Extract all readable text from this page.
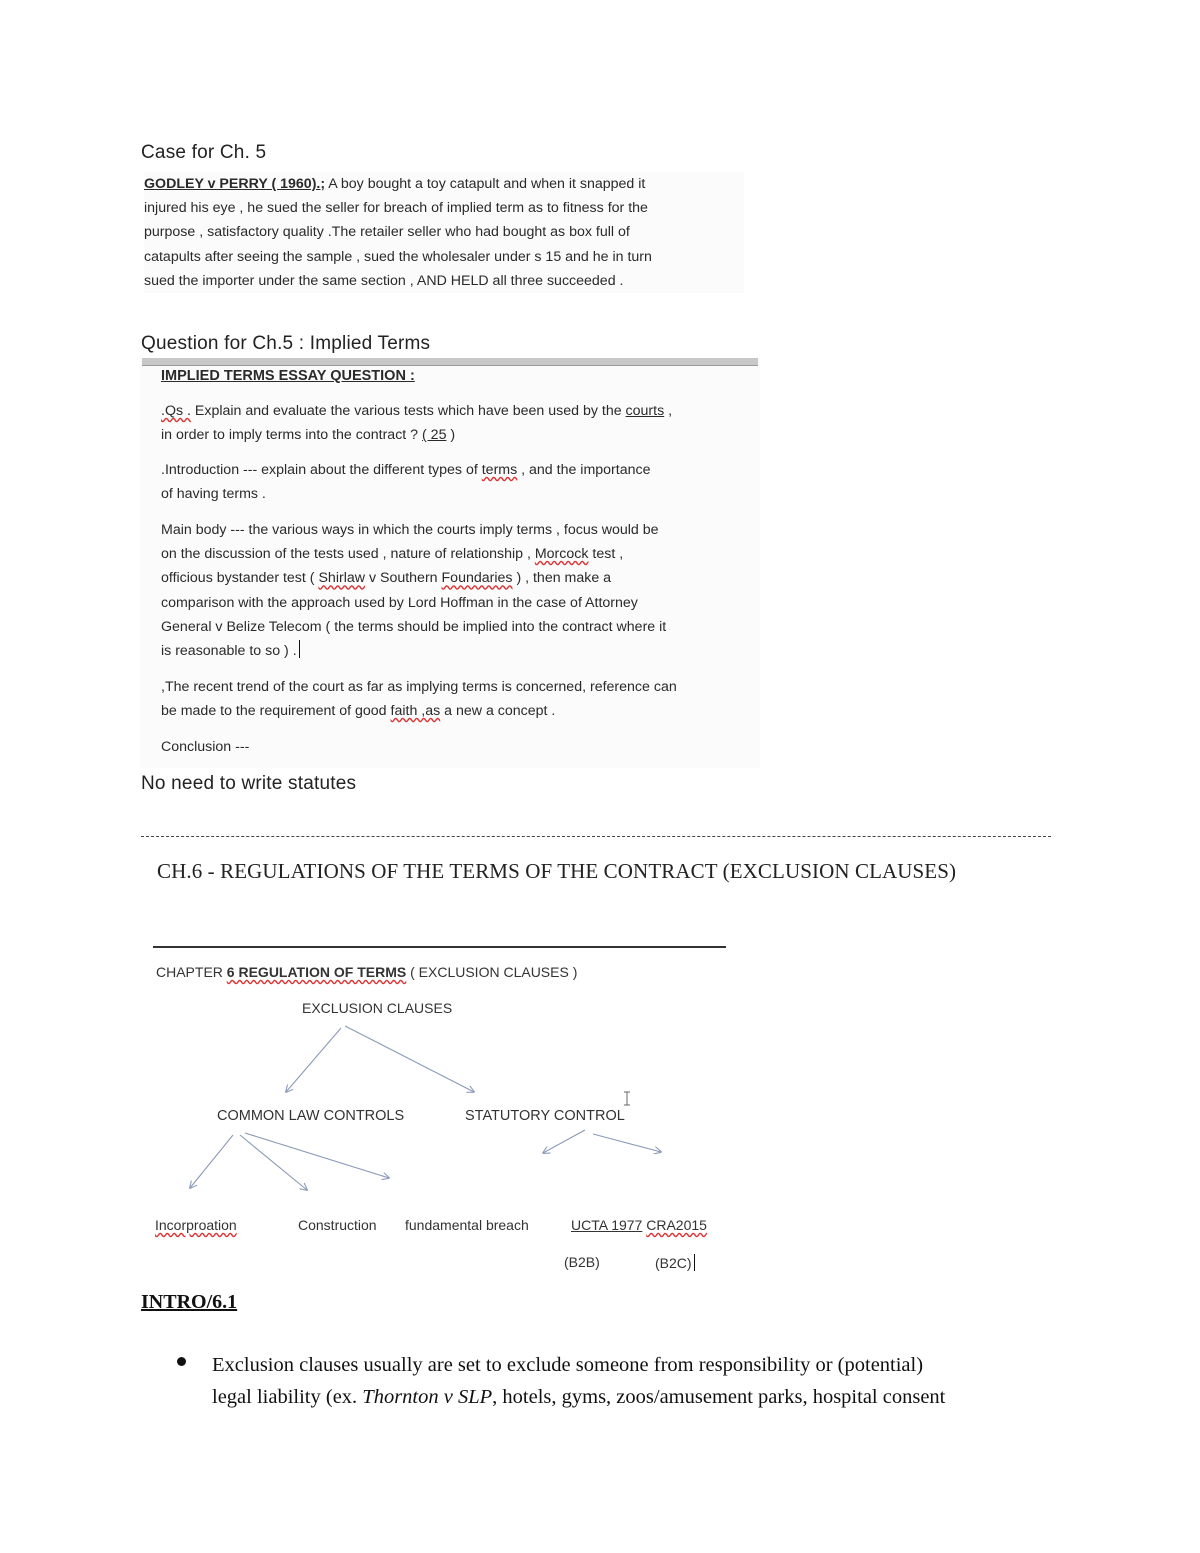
Case for Ch. 5
GODLEY v PERRY ( 1960).; A boy bought a toy catapult and when it snapped it
injured his eye , he sued the seller for breach of implied term as to fitness for the
purpose , satisfactory quality .The retailer seller who had bought as box full of
catapults after seeing the sample , sued the wholesaler under s 15 and he in turn
sued the importer under the same section , AND HELD all three succeeded .
Question for Ch.5 : Implied Terms

IMPLIED TERMS ESSAY QUESTION :

.Qs . Explain and evaluate the various tests which have been used by the courts ,
in order to imply terms into the contract ? ( 25 )

.Introduction --- explain about the different types of terms , and the importance
of having terms .

Main body --- the various ways in which the courts imply terms , focus would be
on the discussion of the tests used , nature of relationship , Morcock test ,
officious bystander test ( Shirlaw v Southern Foundaries ) , then make a
comparison with the approach used by Lord Hoffman in the case of Attorney
General v Belize Telecom ( the terms should be implied into the contract where it
is reasonable to so ) .

,The recent trend of the court as far as implying terms is concerned, reference can
be made to the requirement of good faith ,as a new a concept .

Conclusion ---

No need to write statutes
CH.6 - REGULATIONS OF THE TERMS OF THE CONTRACT (EXCLUSION CLAUSES)
CHAPTER 6 REGULATION OF TERMS ( EXCLUSION CLAUSES )
EXCLUSION CLAUSES
COMMON LAW CONTROLS	STATUTORY CONTROL
Incorproation	Construction fundamental breach	UCTA 1977 CRA2015
(B2B)	(B2C)
INTRO/6.1
Exclusion clauses usually are set to exclude someone from responsibility or (potential)
legal liability (ex. Thornton v SLP, hotels, gyms, zoos/amusement parks, hospital consent
